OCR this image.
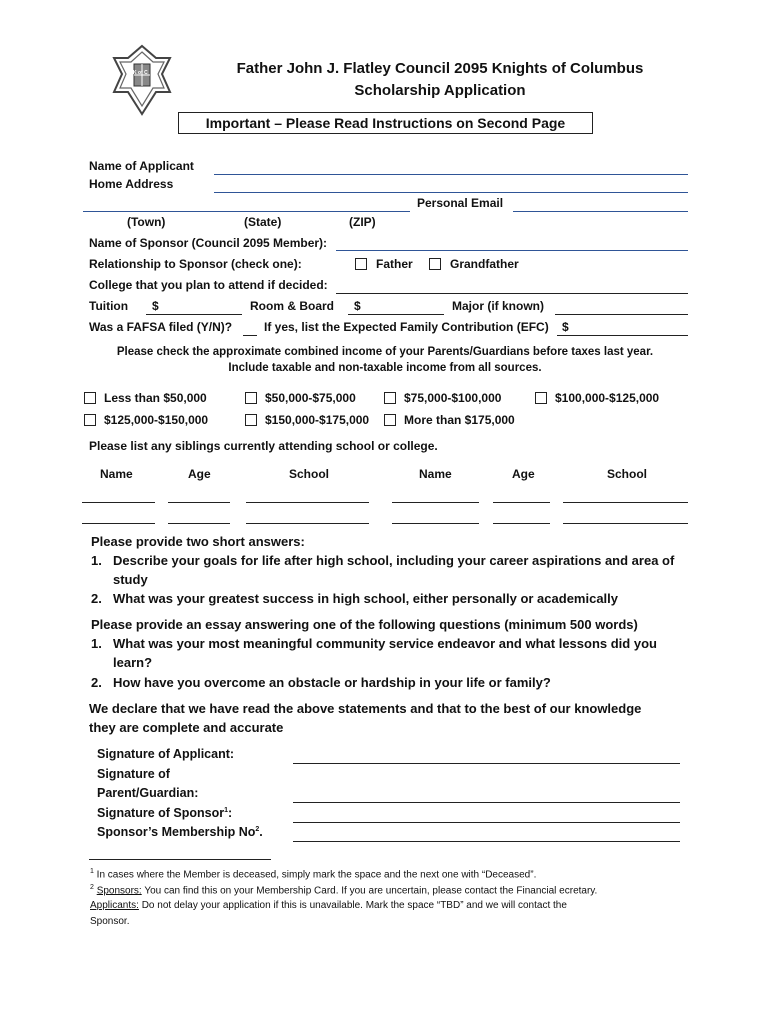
K of C	Father John J. Flatley Council 2095 Knights of Columbus
Scholarship Application
Important – Please Read Instructions on Second Page
Name of Applicant
Home Address
Personal Email
(Town)	(State)	(ZIP)
Name of Sponsor (Council 2095 Member):
Relationship to Sponsor (check one):	Father	Grandfather
College that you plan to attend if decided:
Tuition $	Room & Board $	Major (if known)
Was a FAFSA filed (Y/N)?	If yes, list the Expected Family Contribution (EFC) $
Please check the approximate combined income of your Parents/Guardians before taxes last year.
Include taxable and non-taxable income from all sources.
Less than $50,000	$50,000-$75,000	$75,000-$100,000	$100,000-$125,000
$125,000-$150,000	$150,000-$175,000	More than $175,000
Please list any siblings currently attending school or college.
Name	Age	School	Name	Age	School
Please provide two short answers:
1. Describe your goals for life after high school, including your career aspirations and area of
study
2. What was your greatest success in high school, either personally or academically
Please provide an essay answering one of the following questions (minimum 500 words)
1. What was your most meaningful community service endeavor and what lessons did you
learn?
2. How have you overcome an obstacle or hardship in your life or family?
We declare that we have read the above statements and that to the best of our knowledge
they are complete and accurate
Signature of Applicant:
Signature of
Parent/Guardian:
Signature of Sponsor$^1$:
Sponsor’s Membership No$^2$.
$^1$ In cases where the Member is deceased, simply mark the space and the next one with “Deceased”.
$^2$ Sponsors: You can find this on your Membership Card. If you are uncertain, please contact the Financial ecretary.
Applicants: Do not delay your application if this is unavailable. Mark the space “TBD” and we will contact the
Sponsor.
